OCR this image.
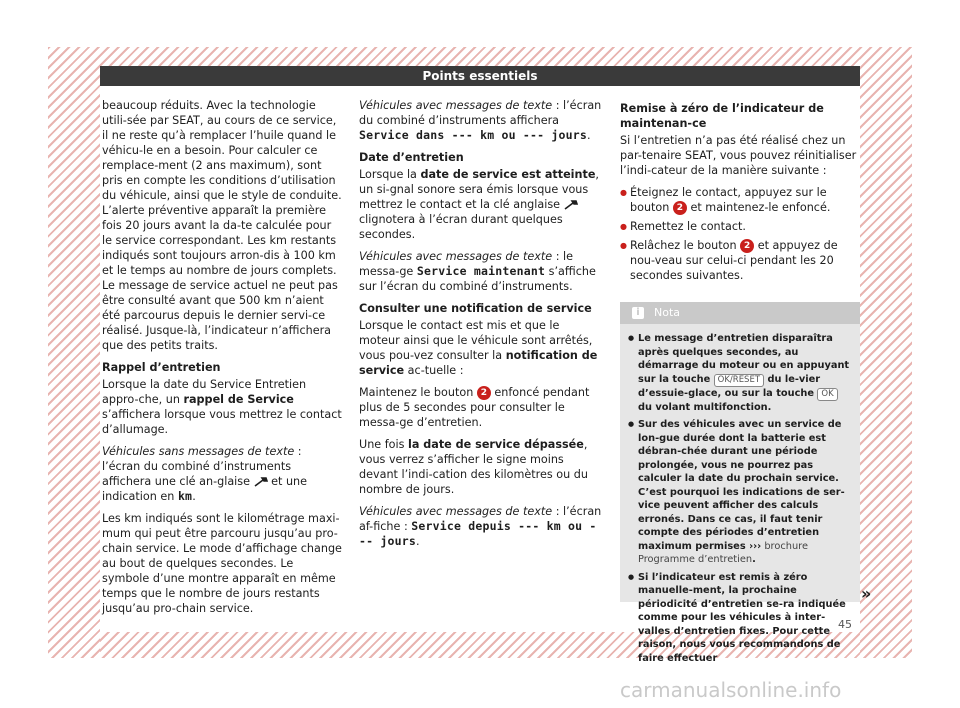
Points essentiels

beaucoup réduits. Avec la technologie utili-sée par SEAT, au cours de ce service, il ne reste qu’à remplacer l’huile quand le véhicu-le en a besoin. Pour calculer ce remplace-ment (2 ans maximum), sont pris en compte les conditions d’utilisation du véhicule, ainsi que le style de conduite. L’alerte préventive apparaît la première fois 20 jours avant la da-te calculée pour le service correspondant. Les km restants indiqués sont toujours arron-dis à 100 km et le temps au nombre de jours complets. Le message de service actuel ne peut pas être consulté avant que 500 km n’aient été parcourus depuis le dernier servi-ce réalisé. Jusque-là, l’indicateur n’affichera que des petits traits.

Rappel d’entretien

Lorsque la date du Service Entretien appro-che, un rappel de Service s’affichera lorsque vous mettrez le contact d’allumage.

Véhicules sans messages de texte : l’écran du combiné d’instruments affichera une clé an-glaise  et une indication en km.

Les km indiqués sont le kilométrage maxi-mum qui peut être parcouru jusqu’au pro-chain service. Le mode d’affichage change au bout de quelques secondes. Le symbole d’une montre apparaît en même temps que le nombre de jours restants jusqu’au pro-chain service.

Véhicules avec messages de texte : l’écran du combiné d’instruments affichera Service dans --- km ou --- jours.

Date d’entretien

Lorsque la date de service est atteinte, un si-gnal sonore sera émis lorsque vous mettrez le contact et la clé anglaise  clignotera à l’écran durant quelques secondes.

Véhicules avec messages de texte : le messa-ge Service maintenant s’affiche sur l’écran du combiné d’instruments.

Consulter une notification de service

Lorsque le contact est mis et que le moteur ainsi que le véhicule sont arrêtés, vous pou-vez consulter la notification de service ac-tuelle :

Maintenez le bouton 2 enfoncé pendant plus de 5 secondes pour consulter le messa-ge d’entretien.

Une fois la date de service dépassée, vous verrez s’afficher le signe moins devant l’indi-cation des kilomètres ou du nombre de jours.

Véhicules avec messages de texte : l’écran af-fiche : Service depuis --- km ou --- jours.

Remise à zéro de l’indicateur de maintenan-ce

Si l’entretien n’a pas été réalisé chez un par-tenaire SEAT, vous pouvez réinitialiser l’indi-cateur de la manière suivante :

● Éteignez le contact, appuyez sur le bouton 2 et maintenez-le enfoncé.
● Remettez le contact.
● Relâchez le bouton 2 et appuyez de nou-veau sur celui-ci pendant les 20 secondes suivantes.
i	Nota
● Le message d’entretien disparaîtra après quelques secondes, au démarrage du moteur ou en appuyant sur la touche OK/RESET du le-vier d’essuie-glace, ou sur la touche OK du volant multifonction.
● Sur des véhicules avec un service de lon-gue durée dont la batterie est débran-chée durant une période prolongée, vous ne pourrez pas calculer la date du prochain service. C’est pourquoi les indications de ser-vice peuvent afficher des calculs erronés. Dans ce cas, il faut tenir compte des périodes d’entretien maximum permises ››› brochure Programme d’entretien.
● Si l’indicateur est remis à zéro manuelle-ment, la prochaine périodicité d’entretien se-ra indiquée comme pour les véhicules à inter-valles d’entretien fixes. Pour cette raison, nous vous recommandons de faire effectuer
»
45
carmanualsonline.info
